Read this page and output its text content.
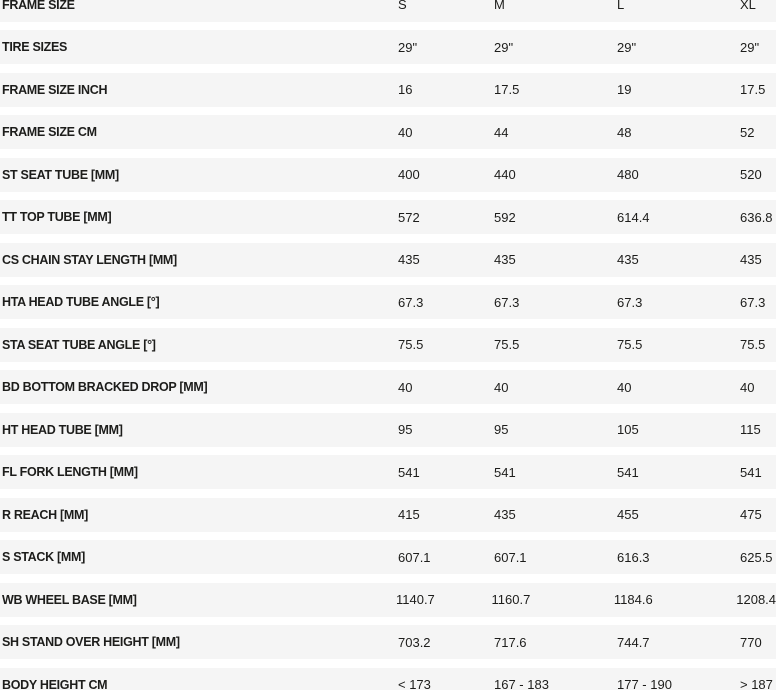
FRAME SIZE	S	M	L	XL
TIRE SIZES	29"	29"	29"	29"
FRAME SIZE INCH	16	17.5	19	17.5
FRAME SIZE CM	40	44	48	52
ST SEAT TUBE [MM]	400	440	480	520
TT TOP TUBE [MM]	572	592	614.4	636.8
CS CHAIN STAY LENGTH [MM]	435	435	435	435
HTA HEAD TUBE ANGLE [°]	67.3	67.3	67.3	67.3
STA SEAT TUBE ANGLE [°]	75.5	75.5	75.5	75.5
BD BOTTOM BRACKED DROP [MM]	40	40	40	40
HT HEAD TUBE [MM]	95	95	105	115
FL FORK LENGTH [MM]	541	541	541	541
R REACH [MM]	415	435	455	475
S STACK [MM]	607.1	607.1	616.3	625.5
WB WHEEL BASE [MM]	1140.7	1160.7	1184.6	1208.4
SH STAND OVER HEIGHT [MM]	703.2	717.6	744.7	770
BODY HEIGHT CM	< 173	167 - 183	177 - 190	> 187
